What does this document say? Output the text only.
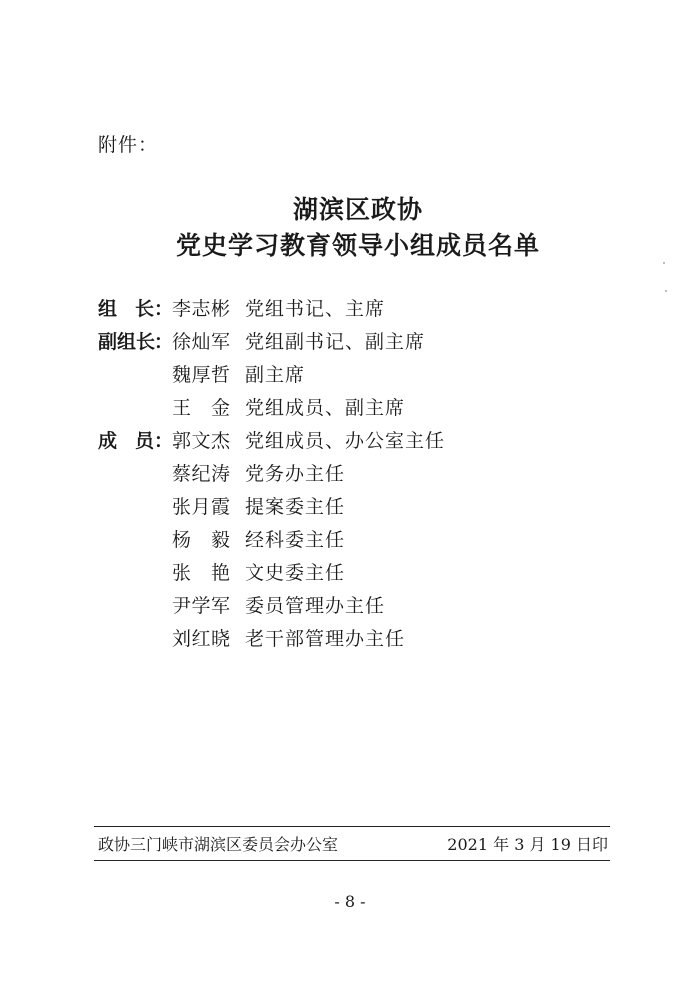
附件：
湖滨区政协
党史学习教育领导小组成员名单
组 长 ：
李 志 彬 党组书记、主席
副 组 长
：
徐 灿 军 党组副书记、副主席
魏 厚 哲 副主席
王 金 党组成员、副主席
成 员 ：
郭 文 杰 党组成员、办公室主任
蔡 纪 涛 党务办主任
张 月 霞 提案委主任
杨 毅 经科委主任
张 艳 文史委主任
尹 学 军 委员管理办主任
刘 红 晓 老干部管理办主任
政协三门峡市湖滨区委员会办公室	2021 年 3 月 19 日印
- 8 -
